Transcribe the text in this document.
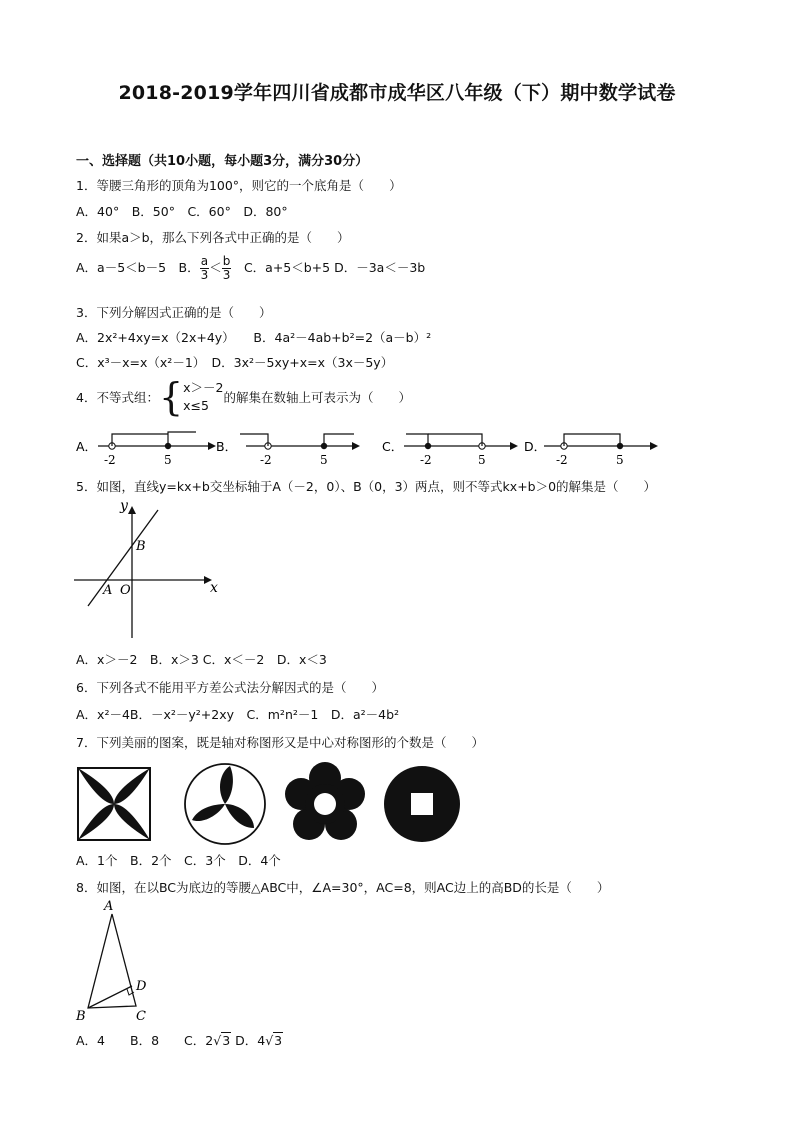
2018-2019学年四川省成都市成华区八年级（下）期中数学试卷
一、选择题（共10小题，每小题3分，满分30分）
1．等腰三角形的顶角为100°，则它的一个底角是（　　）
A．40°　B．50°　C．60°　D．80°
2．如果a＞b，那么下列各式中正确的是（　　）
A．a－5＜b－5　B． $\frac{a}{3} < \frac{b}{3}$ 　C．a+5＜b+5 D．－3a＜－3b
3．下列分解因式正确的是（　　）
A．2x²+4xy=x（2x+4y）　　B．4a²－4ab+b²=2（a－b）²
C．x³－x=x（x²－1）　D．3x²－5xy+x=x（3x－5y）
4．不等式组：{ x＞－2
x≤5
的解集在数轴上可表示为（　　）
A．
-2	5
B．
-2	5
C．
-2	5
D．
-2	5
5．如图，直线y=kx+b交坐标轴于A（－2，0）、B（0，3）两点，则不等式kx+b＞0的解集是（　　）
y
x
B
O
A
A．x＞－2　B．x＞3 C．x＜－2　D．x＜3
6．下列各式不能用平方差公式法分解因式的是（　　）
A．x²－4B．－x²－y²+2xy　C．m²n²－1　D．a²－4b²
7．下列美丽的图案，既是轴对称图形又是中心对称图形的个数是（　　）
A．1个　B．2个　C．3个　D．4个
8．如图，在以BC为底边的等腰△ABC中，∠A=30°，AC=8，则AC边上的高BD的长是（　　）
A
B	C
D
A．4　　B．8　　C．2√3 D．4√3
